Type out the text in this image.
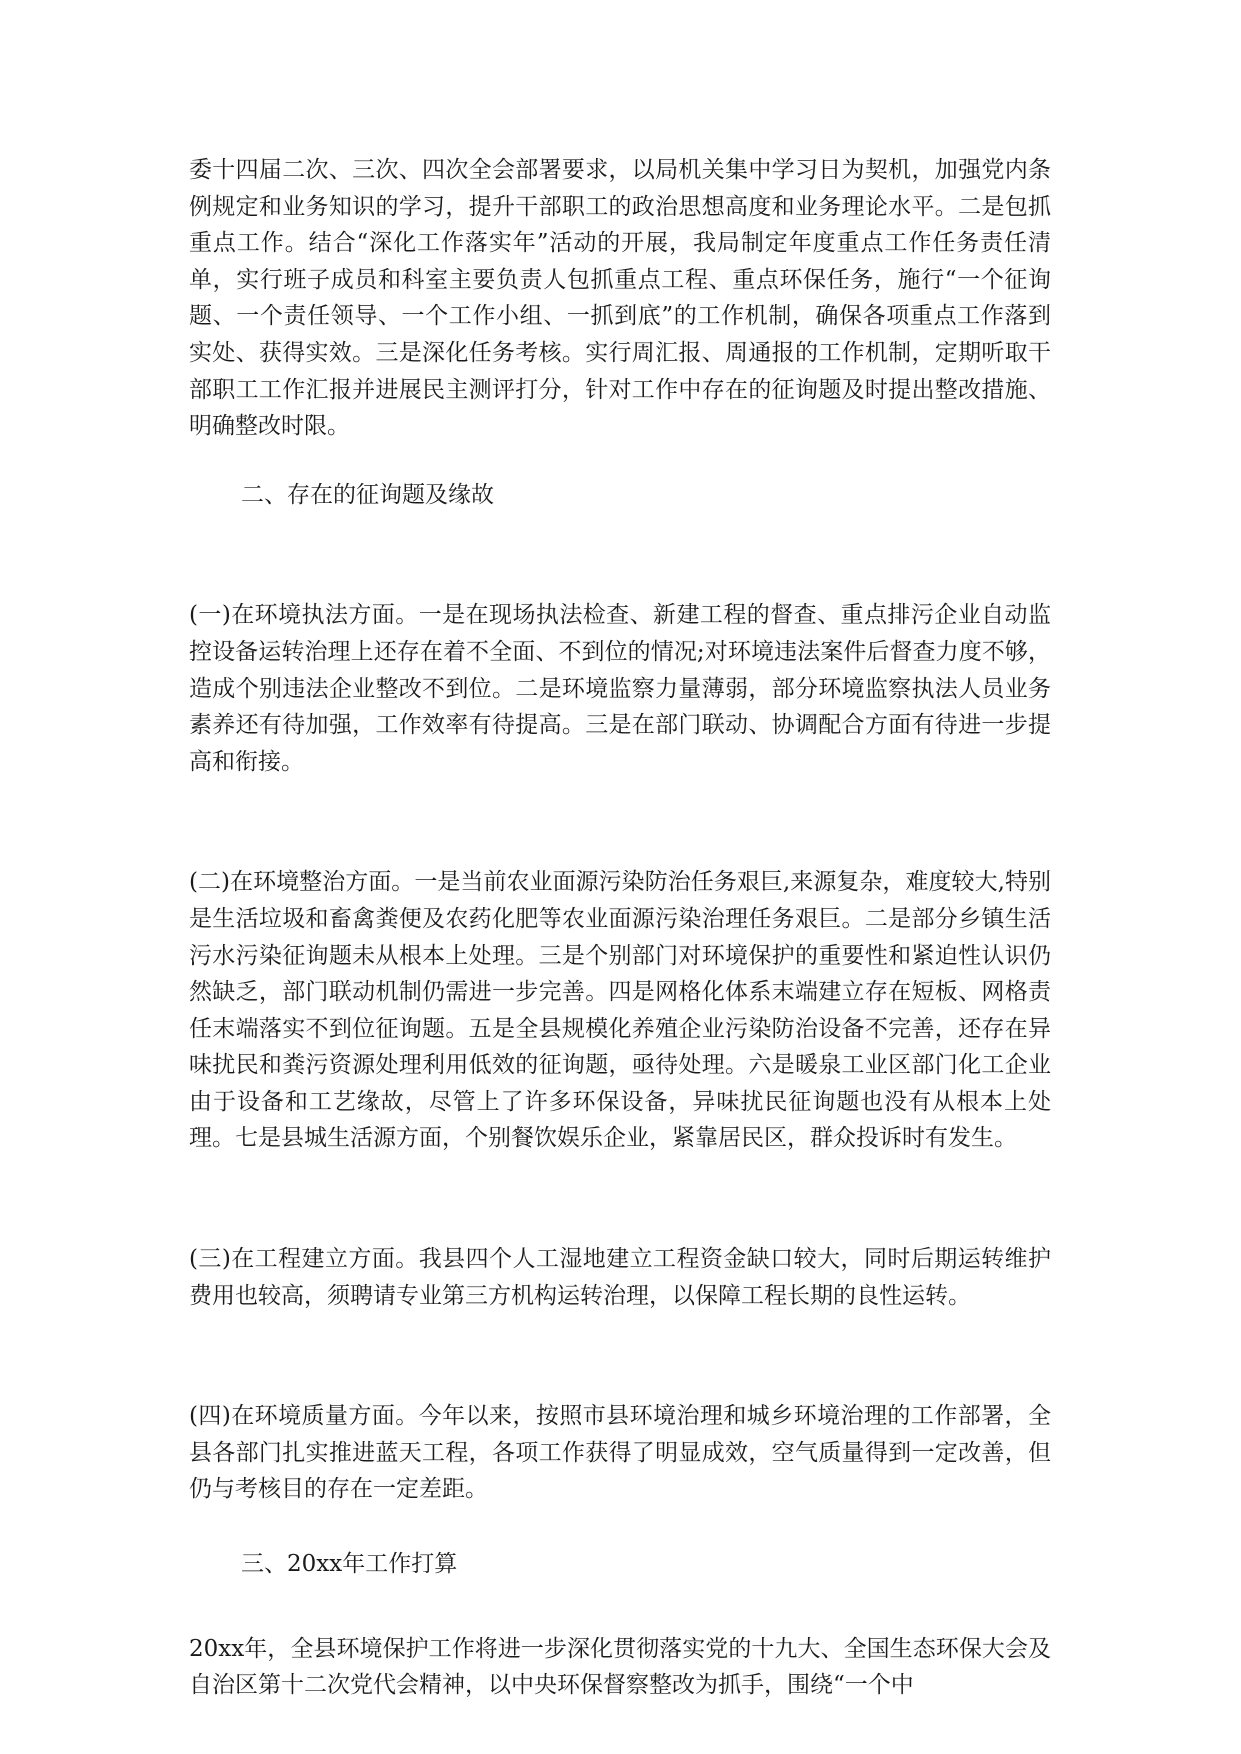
委十四届二次、三次、四次全会部署要求，以局机关集中学习日为契机，加强党内条例规定和业务知识的学习，提升干部职工的政治思想高度和业务理论水平。二是包抓重点工作。结合“深化工作落实年”活动的开展，我局制定年度重点工作任务责任清单，实行班子成员和科室主要负责人包抓重点工程、重点环保任务，施行“一个征询题、一个责任领导、一个工作小组、一抓到底”的工作机制，确保各项重点工作落到实处、获得实效。三是深化任务考核。实行周汇报、周通报的工作机制，定期听取干部职工工作汇报并进展民主测评打分，针对工作中存在的征询题及时提出整改措施、明确整改时限。

二、存在的征询题及缘故

(一)在环境执法方面。一是在现场执法检查、新建工程的督查、重点排污企业自动监控设备运转治理上还存在着不全面、不到位的情况;对环境违法案件后督查力度不够，造成个别违法企业整改不到位。二是环境监察力量薄弱，部分环境监察执法人员业务素养还有待加强，工作效率有待提高。三是在部门联动、协调配合方面有待进一步提高和衔接。

(二)在环境整治方面。一是当前农业面源污染防治任务艰巨,来源复杂，难度较大,特别是生活垃圾和畜禽粪便及农药化肥等农业面源污染治理任务艰巨。二是部分乡镇生活污水污染征询题未从根本上处理。三是个别部门对环境保护的重要性和紧迫性认识仍然缺乏，部门联动机制仍需进一步完善。四是网格化体系末端建立存在短板、网格责任末端落实不到位征询题。五是全县规模化养殖企业污染防治设备不完善，还存在异味扰民和粪污资源处理利用低效的征询题，亟待处理。六是暖泉工业区部门化工企业由于设备和工艺缘故，尽管上了许多环保设备，异味扰民征询题也没有从根本上处理。七是县城生活源方面，个别餐饮娱乐企业，紧靠居民区，群众投诉时有发生。

(三)在工程建立方面。我县四个人工湿地建立工程资金缺口较大，同时后期运转维护费用也较高，须聘请专业第三方机构运转治理，以保障工程长期的良性运转。

(四)在环境质量方面。今年以来，按照市县环境治理和城乡环境治理的工作部署，全县各部门扎实推进蓝天工程，各项工作获得了明显成效，空气质量得到一定改善，但仍与考核目的存在一定差距。

三、20xx年工作打算

20xx年，全县环境保护工作将进一步深化贯彻落实党的十九大、全国生态环保大会及自治区第十二次党代会精神，以中央环保督察整改为抓手，围绕“一个中
